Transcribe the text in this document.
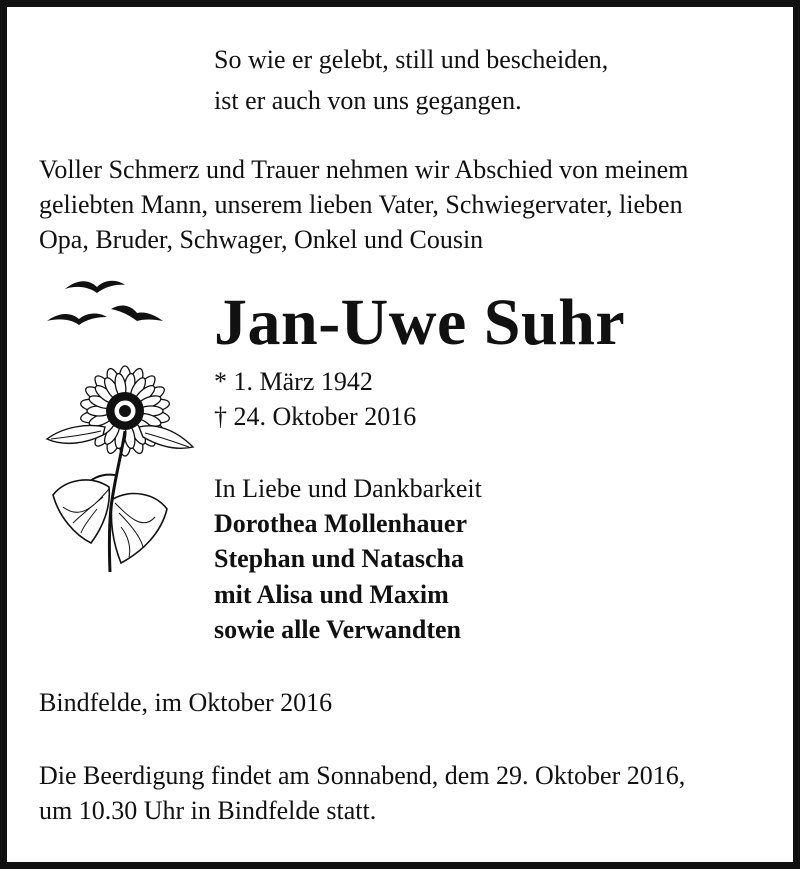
So wie er gelebt, still und bescheiden,
ist er auch von uns gegangen.
Voller Schmerz und Trauer nehmen wir Abschied von meinem
geliebten Mann, unserem lieben Vater, Schwiegervater, lieben
Opa, Bruder, Schwager, Onkel und Cousin
Jan-Uwe Suhr
* 1. März 1942
† 24. Oktober 2016
In Liebe und Dankbarkeit
Dorothea Mollenhauer
Stephan und Natascha
mit Alisa und Maxim
sowie alle Verwandten
Bindfelde, im Oktober 2016
Die Beerdigung findet am Sonnabend, dem 29. Oktober 2016,
um 10.30 Uhr in Bindfelde statt.
